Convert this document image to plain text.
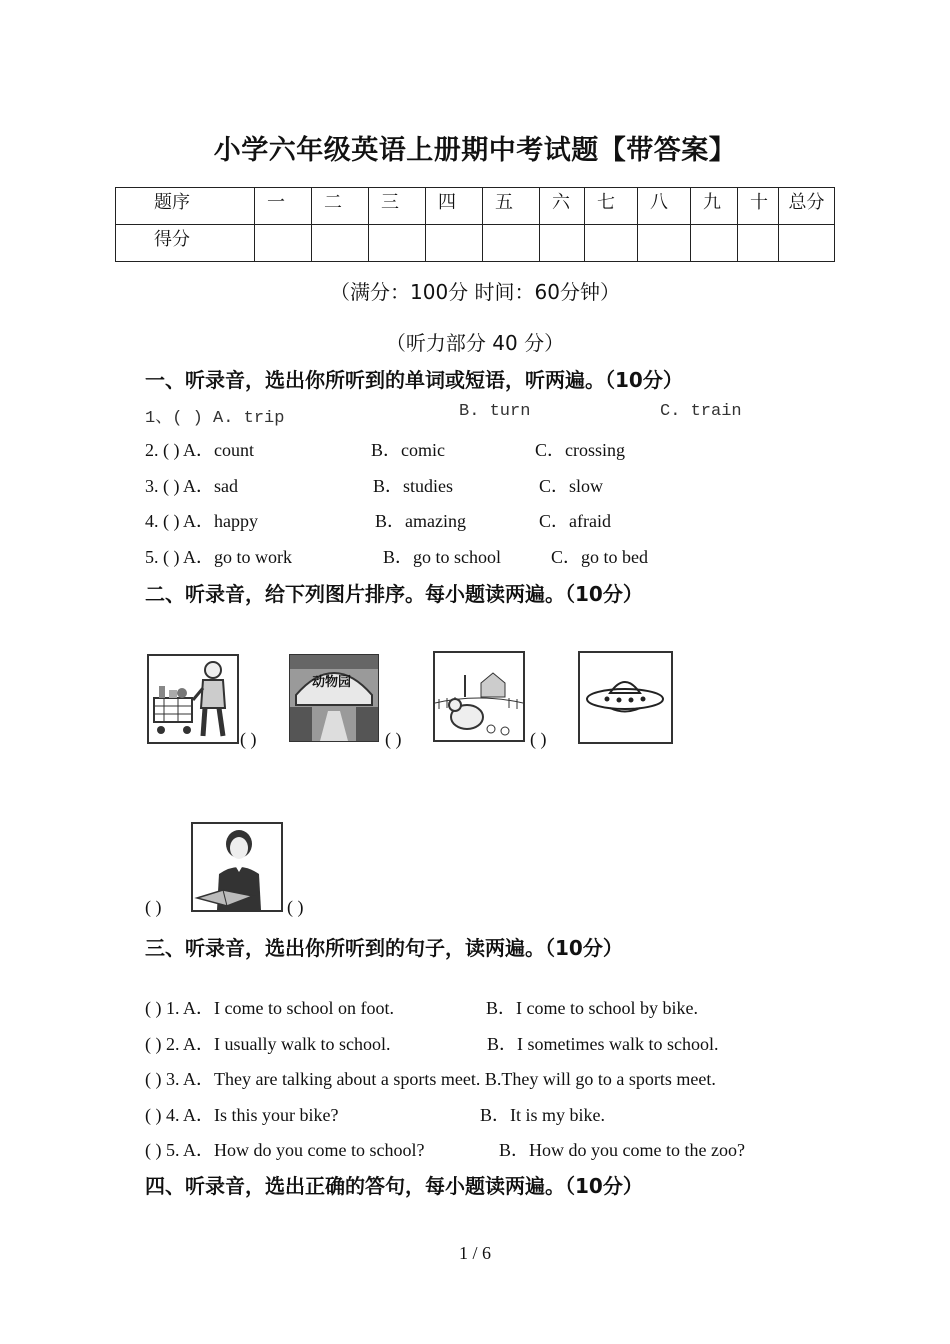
小学六年级英语上册期中考试题【带答案】
题序	一	二	三	四	五	六	七	八	九	十	总分
得分											
（满分：100分 时间：60分钟）
（听力部分 40 分）
一、听录音，选出你所听到的单词或短语，听两遍。（10分）
1、( ) A. trip	B. turn	C. train
2. ( ) A．count	B．comic	C．crossing
3. ( ) A．sad	B．studies	C．slow
4. ( ) A．happy	B．amazing	C．afraid
5. ( ) A．go to work	B．go to school	C．go to bed
二、听录音，给下列图片排序。每小题读两遍。（10分）
( )
动物园
( )	( )
( )	( )
三、听录音，选出你所听到的句子，读两遍。（10分）
( ) 1. A．I come to school on foot.	B．I come to school by bike.
( ) 2. A．I usually walk to school.	B．I sometimes walk to school.
( ) 3. A．They are talking about a sports meet. B.They will go to a sports meet.
( ) 4. A．Is this your bike?	B．It is my bike.
( ) 5. A．How do you come to school?	B．How do you come to the zoo?
四、听录音，选出正确的答句，每小题读两遍。（10分）
1 / 6
